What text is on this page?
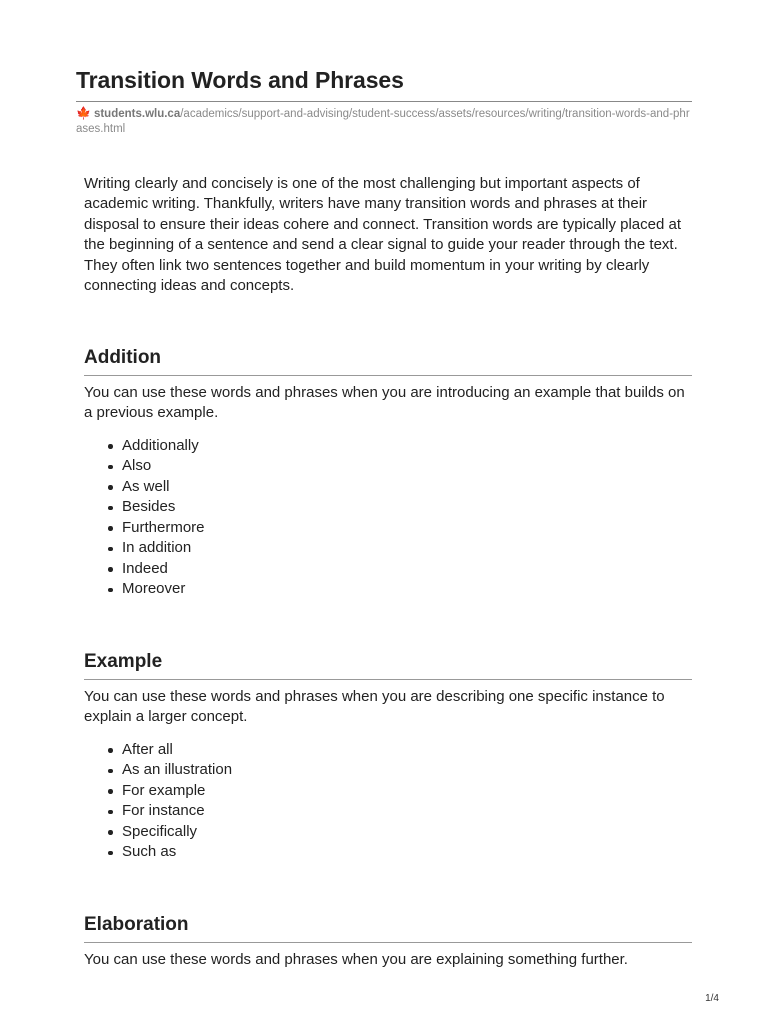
Transition Words and Phrases
🍁 students.wlu.ca/academics/support-and-advising/student-success/assets/resources/writing/transition-words-and-phrases.html

Writing clearly and concisely is one of the most challenging but important aspects of academic writing. Thankfully, writers have many transition words and phrases at their disposal to ensure their ideas cohere and connect. Transition words are typically placed at the beginning of a sentence and send a clear signal to guide your reader through the text. They often link two sentences together and build momentum in your writing by clearly connecting ideas and concepts.

Addition

You can use these words and phrases when you are introducing an example that builds on a previous example.

Additionally
Also
As well
Besides
Furthermore
In addition
Indeed
Moreover
Example

You can use these words and phrases when you are describing one specific instance to explain a larger concept.

After all
As an illustration
For example
For instance
Specifically
Such as
Elaboration

You can use these words and phrases when you are explaining something further.

1/4
